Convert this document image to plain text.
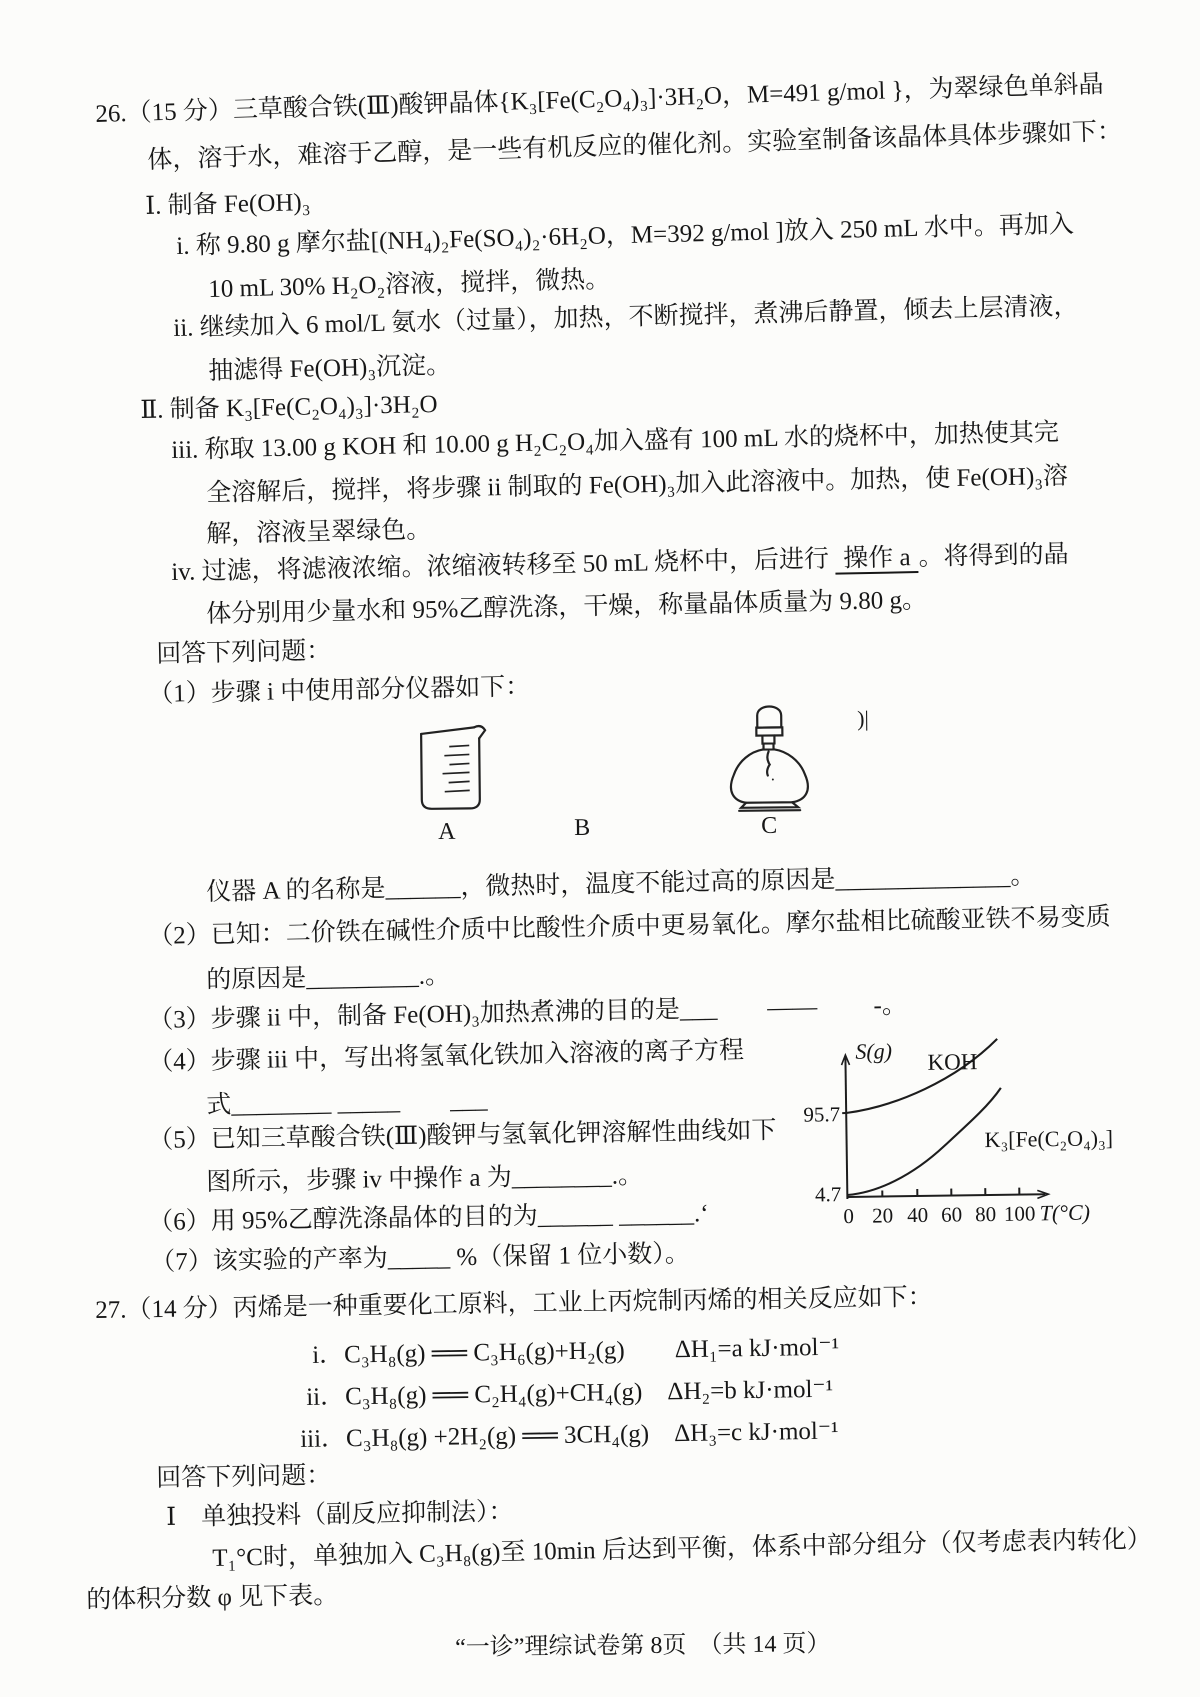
26.（15 分）三草酸合铁(Ⅲ)酸钾晶体{K₃[Fe(C₂O₄)₃]·3H₂O，M=491 g/mol }，为翠绿色单斜晶
体，溶于水，难溶于乙醇，是一些有机反应的催化剂。实验室制备该晶体具体步骤如下：
Ⅰ. 制备 Fe(OH)₃
i. 称 9.80 g 摩尔盐[(NH₄)₂Fe(SO₄)₂·6H₂O，M=392 g/mol ]放入 250 mL 水中。再加入
10 mL 30% H₂O₂溶液，搅拌，微热。
ii. 继续加入 6 mol/L 氨水（过量），加热，不断搅拌，煮沸后静置，倾去上层清液，
抽滤得 Fe(OH)₃沉淀。
Ⅱ. 制备 K₃[Fe(C₂O₄)₃]·3H₂O
iii. 称取 13.00 g KOH 和 10.00 g H₂C₂O₄加入盛有 100 mL 水的烧杯中，加热使其完
全溶解后，搅拌，将步骤 ii 制取的 Fe(OH)₃加入此溶液中。加热，使 Fe(OH)₃溶
解，溶液呈翠绿色。
iv. 过滤，将滤液浓缩。浓缩液转移至 50 mL 烧杯中，后进行 操作 a 。将得到的晶
体分别用少量水和 95%乙醇洗涤，干燥，称量晶体质量为 9.80 g。
回答下列问题：
（1）步骤 i 中使用部分仪器如下：
A	B	C
)|
仪器 A 的名称是______，微热时，温度不能过高的原因是______________。
（2）已知：二价铁在碱性介质中比酸性介质中更易氧化。摩尔盐相比硫酸亚铁不易变质
的原因是_________.。
（3）步骤 ii 中，制备 Fe(OH)₃加热煮沸的目的是___　　——　　 -。
（4）步骤 iii 中，写出将氢氧化铁加入溶液的离子方程
式________ _____　　___
（5）已知三草酸合铁(Ⅲ)酸钾与氢氧化钾溶解性曲线如下
图所示，步骤 iv 中操作 a 为________.。
（6）用 95%乙醇洗涤晶体的目的为______ ______.‘
（7）该实验的产率为_____ %（保留 1 位小数）。
S(g) KOH
K₃[Fe(C₂O₄)₃]
95.7
4.7
0 20 40 60 80 100 T(°C)
27.（14 分）丙烯是一种重要化工原料，工业上丙烷制丙烯的相关反应如下：
i．C₃H₈(g) ══ C₃H₆(g)+H₂(g)　　ΔH₁=a kJ·mol⁻¹
ii．C₃H₈(g) ══ C₂H₄(g)+CH₄(g)　ΔH₂=b kJ·mol⁻¹
iii．C₃H₈(g) +2H₂(g) ══ 3CH₄(g)　ΔH₃=c kJ·mol⁻¹
回答下列问题：
Ⅰ　单独投料（副反应抑制法）：
T₁°C时，单独加入 C₃H₈(g)至 10min 后达到平衡，体系中部分组分（仅考虑表内转化）
的体积分数 φ 见下表。
“一诊”理综试卷第 8页　（共 14 页）
